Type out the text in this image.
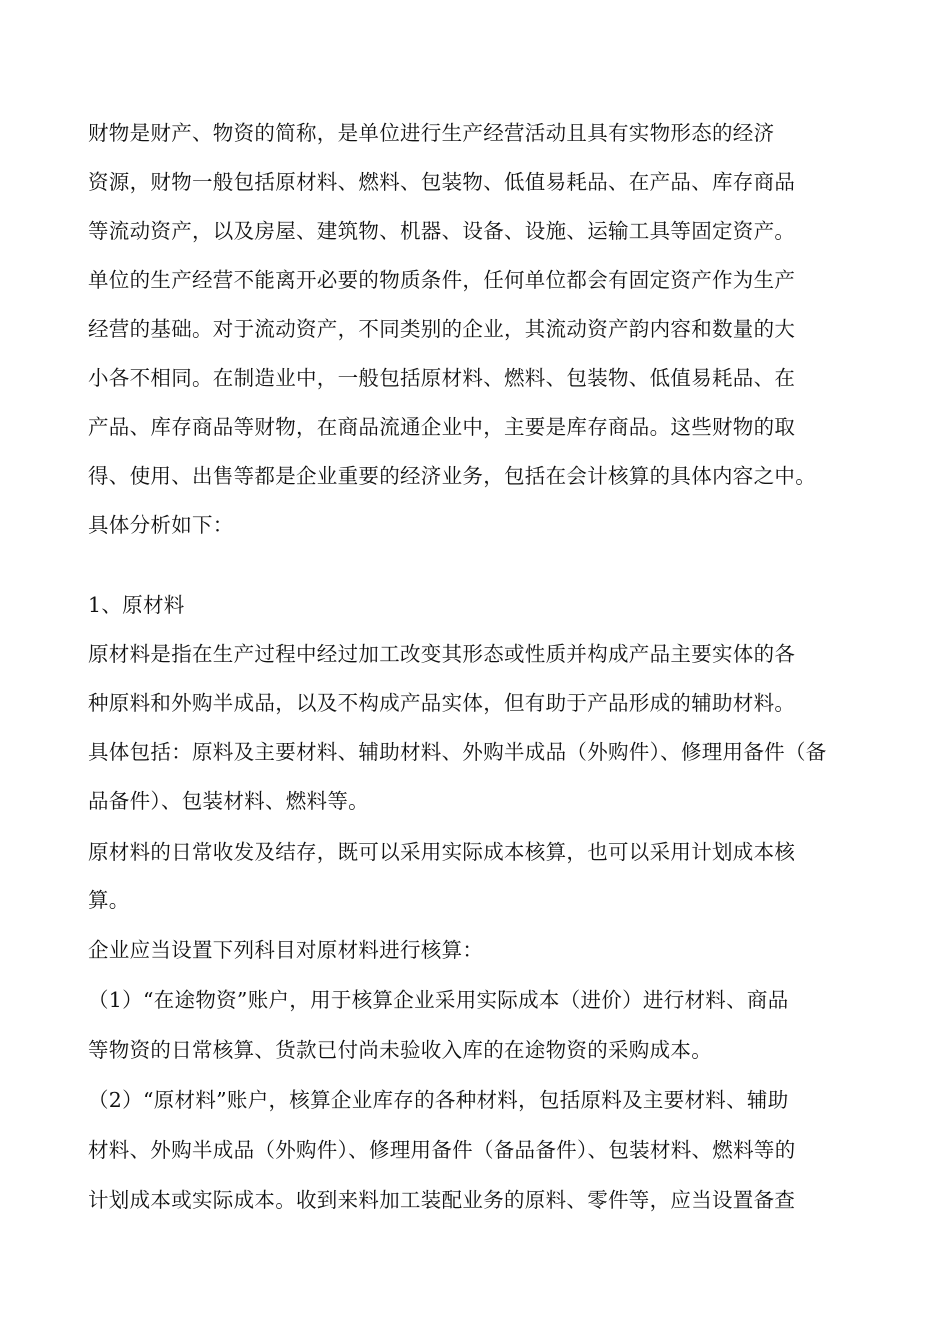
财物是财产、物资的简称，是单位进行生产经营活动且具有实物形态的经济
资源，财物一般包括原材料、燃料、包装物、低值易耗品、在产品、库存商品
等流动资产，以及房屋、建筑物、机器、设备、设施、运输工具等固定资产。
单位的生产经营不能离开必要的物质条件，任何单位都会有固定资产作为生产
经营的基础。对于流动资产，不同类别的企业，其流动资产韵内容和数量的大
小各不相同。在制造业中，一般包括原材料、燃料、包装物、低值易耗品、在
产品、库存商品等财物，在商品流通企业中，主要是库存商品。这些财物的取
得、使用、出售等都是企业重要的经济业务，包括在会计核算的具体内容之中。
具体分析如下：
1、原材料
原材料是指在生产过程中经过加工改变其形态或性质并构成产品主要实体的各
种原料和外购半成品，以及不构成产品实体，但有助于产品形成的辅助材料。
具体包括：原料及主要材料、辅助材料、外购半成品（外购件）、修理用备件（备
品备件）、包装材料、燃料等。
原材料的日常收发及结存，既可以采用实际成本核算，也可以采用计划成本核
算。
企业应当设置下列科目对原材料进行核算：
（1）“在途物资”账户，用于核算企业采用实际成本（进价）进行材料、商品
等物资的日常核算、货款已付尚未验收入库的在途物资的采购成本。
（2）“原材料”账户，核算企业库存的各种材料，包括原料及主要材料、辅助
材料、外购半成品（外购件）、修理用备件（备品备件）、包装材料、燃料等的
计划成本或实际成本。收到来料加工装配业务的原料、零件等，应当设置备查
